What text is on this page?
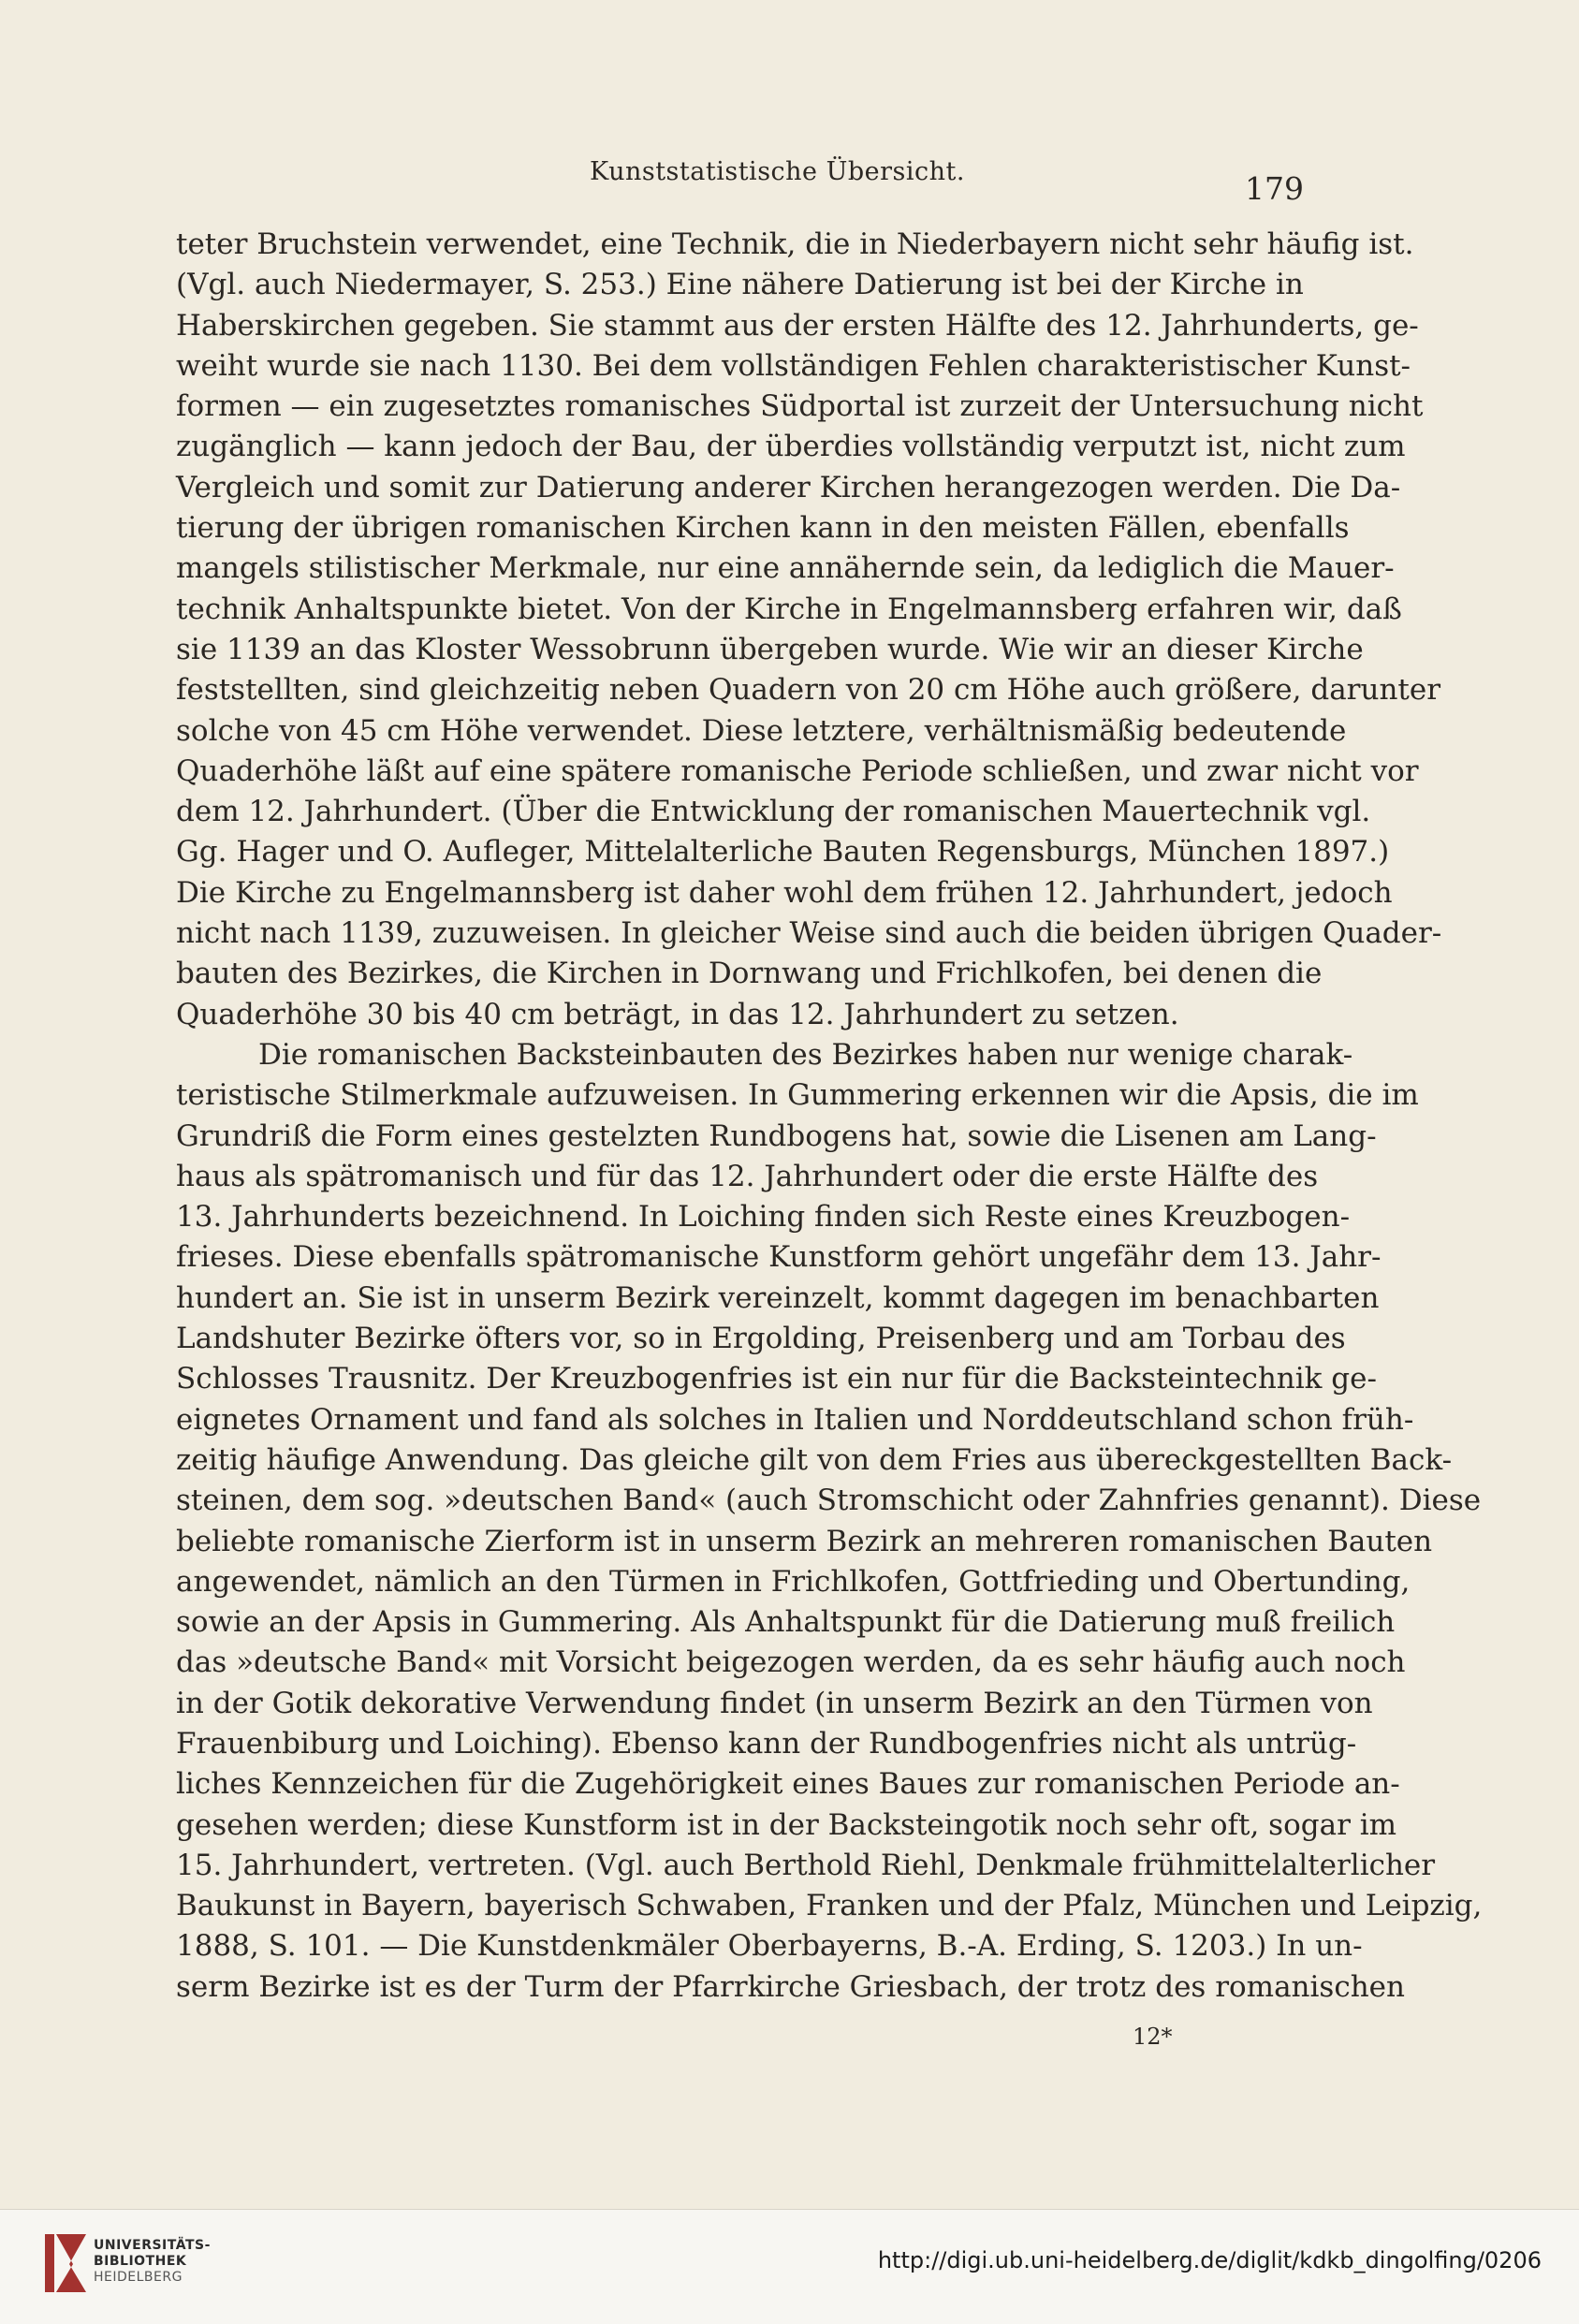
Kunststatistische Übersicht.	179
teter Bruchstein verwendet, eine Technik, die in Niederbayern nicht sehr häufig ist.
(Vgl. auch Niedermayer, S. 253.) Eine nähere Datierung ist bei der Kirche in
Haberskirchen gegeben. Sie stammt aus der ersten Hälfte des 12. Jahrhunderts, ge-
weiht wurde sie nach 1130. Bei dem vollständigen Fehlen charakteristischer Kunst-
formen — ein zugesetztes romanisches Südportal ist zurzeit der Untersuchung nicht
zugänglich — kann jedoch der Bau, der überdies vollständig verputzt ist, nicht zum
Vergleich und somit zur Datierung anderer Kirchen herangezogen werden. Die Da-
tierung der übrigen romanischen Kirchen kann in den meisten Fällen, ebenfalls
mangels stilistischer Merkmale, nur eine annähernde sein, da lediglich die Mauer-
technik Anhaltspunkte bietet. Von der Kirche in Engelmannsberg erfahren wir, daß
sie 1139 an das Kloster Wessobrunn übergeben wurde. Wie wir an dieser Kirche
feststellten, sind gleichzeitig neben Quadern von 20 cm Höhe auch größere, darunter
solche von 45 cm Höhe verwendet. Diese letztere, verhältnismäßig bedeutende
Quaderhöhe läßt auf eine spätere romanische Periode schließen, und zwar nicht vor
dem 12. Jahrhundert. (Über die Entwicklung der romanischen Mauertechnik vgl.
Gg. Hager und O. Aufleger, Mittelalterliche Bauten Regensburgs, München 1897.)
Die Kirche zu Engelmannsberg ist daher wohl dem frühen 12. Jahrhundert, jedoch
nicht nach 1139, zuzuweisen. In gleicher Weise sind auch die beiden übrigen Quader-
bauten des Bezirkes, die Kirchen in Dornwang und Frichlkofen, bei denen die
Quaderhöhe 30 bis 40 cm beträgt, in das 12. Jahrhundert zu setzen.
Die romanischen Backsteinbauten des Bezirkes haben nur wenige charak-
teristische Stilmerkmale aufzuweisen. In Gummering erkennen wir die Apsis, die im
Grundriß die Form eines gestelzten Rundbogens hat, sowie die Lisenen am Lang-
haus als spätromanisch und für das 12. Jahrhundert oder die erste Hälfte des
13. Jahrhunderts bezeichnend. In Loiching finden sich Reste eines Kreuzbogen-
frieses. Diese ebenfalls spätromanische Kunstform gehört ungefähr dem 13. Jahr-
hundert an. Sie ist in unserm Bezirk vereinzelt, kommt dagegen im benachbarten
Landshuter Bezirke öfters vor, so in Ergolding, Preisenberg und am Torbau des
Schlosses Trausnitz. Der Kreuzbogenfries ist ein nur für die Backsteintechnik ge-
eignetes Ornament und fand als solches in Italien und Norddeutschland schon früh-
zeitig häufige Anwendung. Das gleiche gilt von dem Fries aus übereckgestellten Back-
steinen, dem sog. »deutschen Band« (auch Stromschicht oder Zahnfries genannt). Diese
beliebte romanische Zierform ist in unserm Bezirk an mehreren romanischen Bauten
angewendet, nämlich an den Türmen in Frichlkofen, Gottfrieding und Obertunding,
sowie an der Apsis in Gummering. Als Anhaltspunkt für die Datierung muß freilich
das »deutsche Band« mit Vorsicht beigezogen werden, da es sehr häufig auch noch
in der Gotik dekorative Verwendung findet (in unserm Bezirk an den Türmen von
Frauenbiburg und Loiching). Ebenso kann der Rundbogenfries nicht als untrüg-
liches Kennzeichen für die Zugehörigkeit eines Baues zur romanischen Periode an-
gesehen werden; diese Kunstform ist in der Backsteingotik noch sehr oft, sogar im
15. Jahrhundert, vertreten. (Vgl. auch Berthold Riehl, Denkmale frühmittelalterlicher
Baukunst in Bayern, bayerisch Schwaben, Franken und der Pfalz, München und Leipzig,
1888, S. 101. — Die Kunstdenkmäler Oberbayerns, B.-A. Erding, S. 1203.) In un-
serm Bezirke ist es der Turm der Pfarrkirche Griesbach, der trotz des romanischen
12*
UNIVERSITÄTS-
BIBLIOTHEK
HEIDELBERG
http://digi.ub.uni-heidelberg.de/diglit/kdkb_dingolfing/0206
